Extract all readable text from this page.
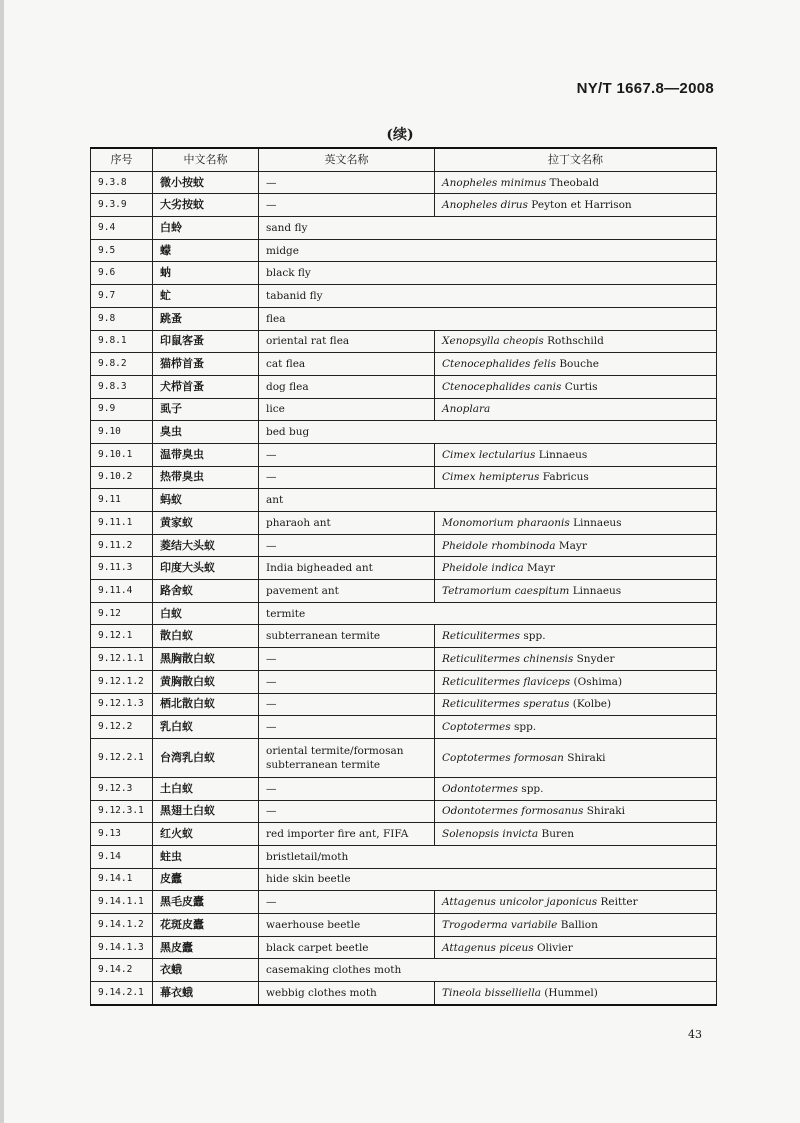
NY/T 1667.8—2008
(续)
序号	中文名称	英文名称	拉丁文名称
9.3.8	微小按蚊	—	Anopheles minimus Theobald
9.3.9	大劣按蚊	—	Anopheles dirus Peyton et Harrison
9.4	白蛉	sand fly	
9.5	蠓	midge	
9.6	蚋	black fly	
9.7	虻	tabanid fly	
9.8	跳蚤	flea	
9.8.1	印鼠客蚤	oriental rat flea	Xenopsylla cheopis Rothschild
9.8.2	猫栉首蚤	cat flea	Ctenocephalides felis Bouche
9.8.3	犬栉首蚤	dog flea	Ctenocephalides canis Curtis
9.9	虱子	lice	Anoplara
9.10	臭虫	bed bug	
9.10.1	温带臭虫	—	Cimex lectularius Linnaeus
9.10.2	热带臭虫	—	Cimex hemipterus Fabricus
9.11	蚂蚁	ant	
9.11.1	黄家蚁	pharaoh ant	Monomorium pharaonis Linnaeus
9.11.2	菱结大头蚁	—	Pheidole rhombinoda Mayr
9.11.3	印度大头蚁	India bigheaded ant	Pheidole indica Mayr
9.11.4	路舍蚁	pavement ant	Tetramorium caespitum Linnaeus
9.12	白蚁	termite	
9.12.1	散白蚁	subterranean termite	Reticulitermes spp.
9.12.1.1	黑胸散白蚁	—	Reticulitermes chinensis Snyder
9.12.1.2	黄胸散白蚁	—	Reticulitermes flaviceps (Oshima)
9.12.1.3	栖北散白蚁	—	Reticulitermes speratus (Kolbe)
9.12.2	乳白蚁	—	Coptotermes spp.
9.12.2.1	台湾乳白蚁	oriental termite/formosan subterranean termite	Coptotermes formosan Shiraki
9.12.3	土白蚁	—	Odontotermes spp.
9.12.3.1	黑翅土白蚁	—	Odontotermes formosanus Shiraki
9.13	红火蚁	red importer fire ant, FIFA	Solenopsis invicta Buren
9.14	蛀虫	bristletail/moth	
9.14.1	皮蠹	hide skin beetle	
9.14.1.1	黑毛皮蠹	—	Attagenus unicolor japonicus Reitter
9.14.1.2	花斑皮蠹	waerhouse beetle	Trogoderma variabile Ballion
9.14.1.3	黑皮蠹	black carpet beetle	Attagenus piceus Olivier
9.14.2	衣蛾	casemaking clothes moth	
9.14.2.1	幕衣蛾	webbig clothes moth	Tineola bisselliella (Hummel)
43
